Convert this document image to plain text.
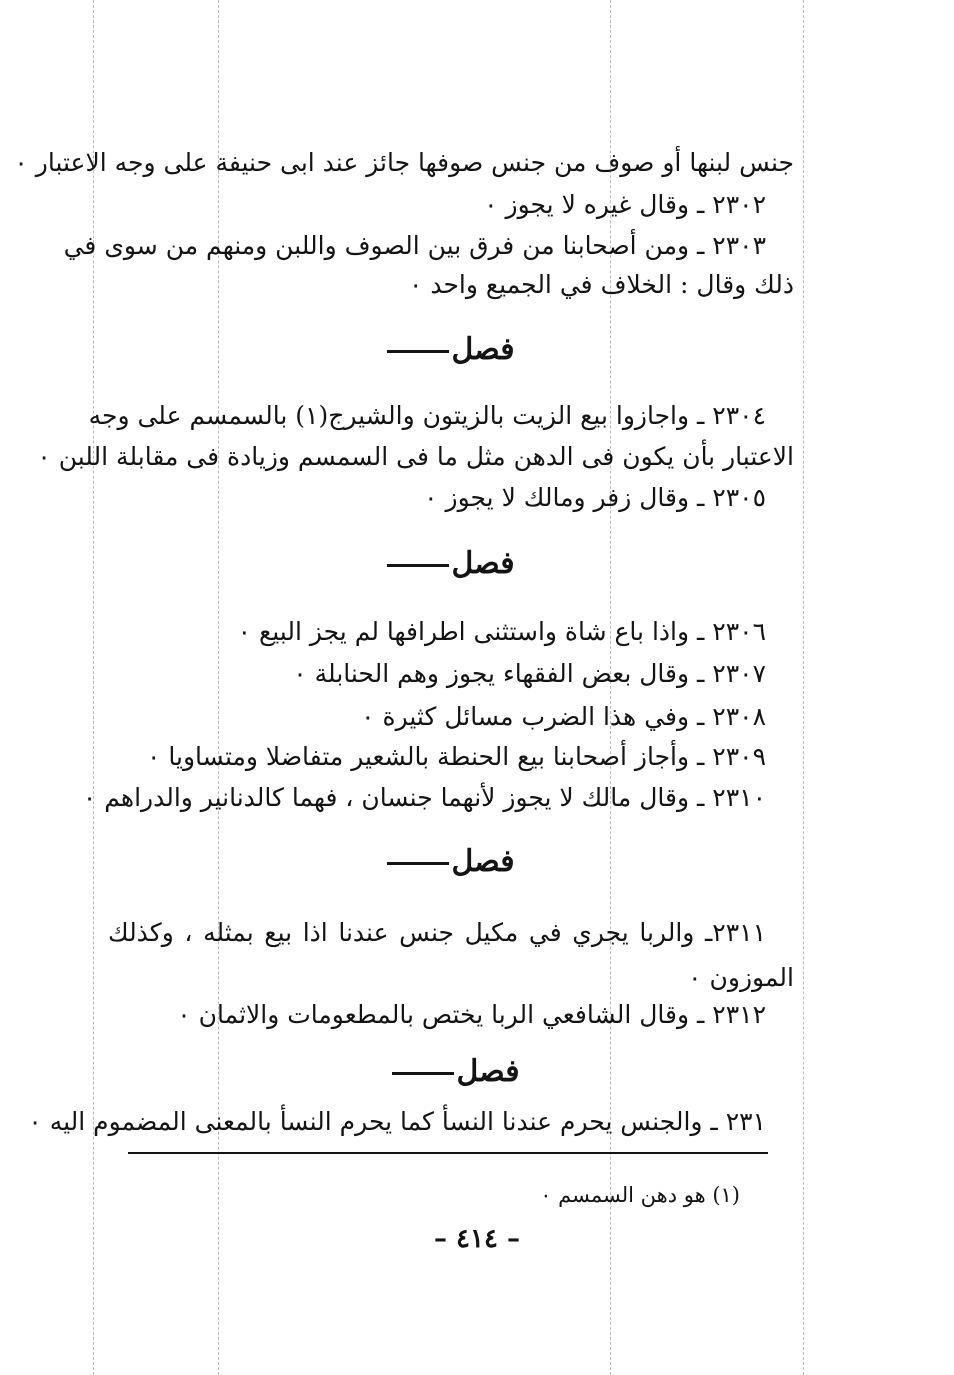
جنس لبنها أو صوف من جنس صوفها جائز عند ابى حنيفة على وجه الاعتبار ٠
٢٣٠٢ ـ وقال غيره لا يجوز ٠
٢٣٠٣ ـ ومن أصحابنا من فرق بين الصوف واللبن ومنهم من سوى في
ذلك وقال : الخلاف في الجميع واحد ٠
فصل
٢٣٠٤ ـ واجازوا بيع الزيت بالزيتون والشيرج(١) بالسمسم على وجه
الاعتبار بأن يكون فى الدهن مثل ما فى السمسم وزيادة فى مقابلة اللبن ٠
٢٣٠٥ ـ وقال زفر ومالك لا يجوز ٠
فصل
٢٣٠٦ ـ واذا باع شاة واستثنى اطرافها لم يجز البيع ٠
٢٣٠٧ ـ وقال بعض الفقهاء يجوز وهم الحنابلة ٠
٢٣٠٨ ـ وفي هذا الضرب مسائل كثيرة ٠
٢٣٠٩ ـ وأجاز أصحابنا بيع الحنطة بالشعير متفاضلا ومتساويا ٠
٢٣١٠ ـ وقال مالك لا يجوز لأنهما جنسان ، فهما كالدنانير والدراهم ٠
فصل
٢٣١١ـ والربا يجري في مكيل جنس عندنا اذا بيع بمثله ، وكذلك
الموزون ٠
٢٣١٢ ـ وقال الشافعي الربا يختص بالمطعومات والاثمان ٠
فصل
٢٣١ ـ والجنس يحرم عندنا النسأ كما يحرم النسأ بالمعنى المضموم اليه ٠
(١) هو دهن السمسم ٠
– ٤١٤ –
